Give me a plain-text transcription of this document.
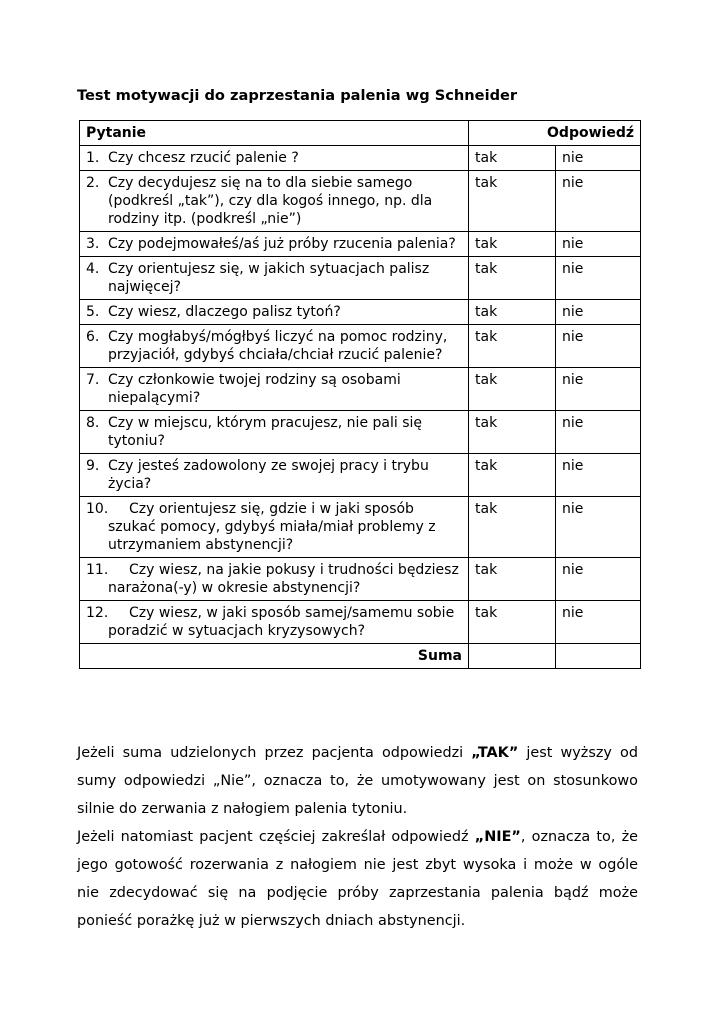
Test motywacji do zaprzestania palenia wg Schneider
Pytanie	Odpowiedź	

1. Czy chcesz rzucić palenie ?	tak	nie

2. Czy decydujesz się na to dla siebie samego (podkreśl „tak”), czy dla kogoś innego, np. dla rodziny itp. (podkreśl „nie”)	tak	nie

3. Czy podejmowałeś/aś już próby rzucenia palenia?	tak	nie

4. Czy orientujesz się, w jakich sytuacjach palisz najwięcej?	tak	nie

5. Czy wiesz, dlaczego palisz tytoń?	tak	nie

6. Czy mogłabyś/mógłbyś liczyć na pomoc rodziny, przyjaciół, gdybyś chciała/chciał rzucić palenie?	tak	nie

7. Czy członkowie twojej rodziny są osobami niepalącymi?	tak	nie

8. Czy w miejscu, którym pracujesz, nie pali się tytoniu?	tak	nie

9. Czy jesteś zadowolony ze swojej pracy i trybu życia?	tak	nie

10. Czy orientujesz się, gdzie i w jaki sposób szukać pomocy, gdybyś miała/miał problemy z utrzymaniem abstynencji?	tak	nie

11. Czy wiesz, na jakie pokusy i trudności będziesz narażona(-y) w okresie abstynencji?	tak	nie

12. Czy wiesz, w jaki sposób samej/samemu sobie poradzić w sytuacjach kryzysowych?	tak	nie
Suma		
Jeżeli suma udzielonych przez pacjenta odpowiedzi „TAK” jest wyższy od sumy odpowiedzi „Nie”, oznacza to, że umotywowany jest on stosunkowo silnie do zerwania z nałogiem palenia tytoniu.
Jeżeli natomiast pacjent częściej zakreślał odpowiedź „NIE”, oznacza to, że jego gotowość rozerwania z nałogiem nie jest zbyt wysoka i może w ogóle nie zdecydować się na podjęcie próby zaprzestania palenia bądź może ponieść porażkę już w pierwszych dniach abstynencji.
